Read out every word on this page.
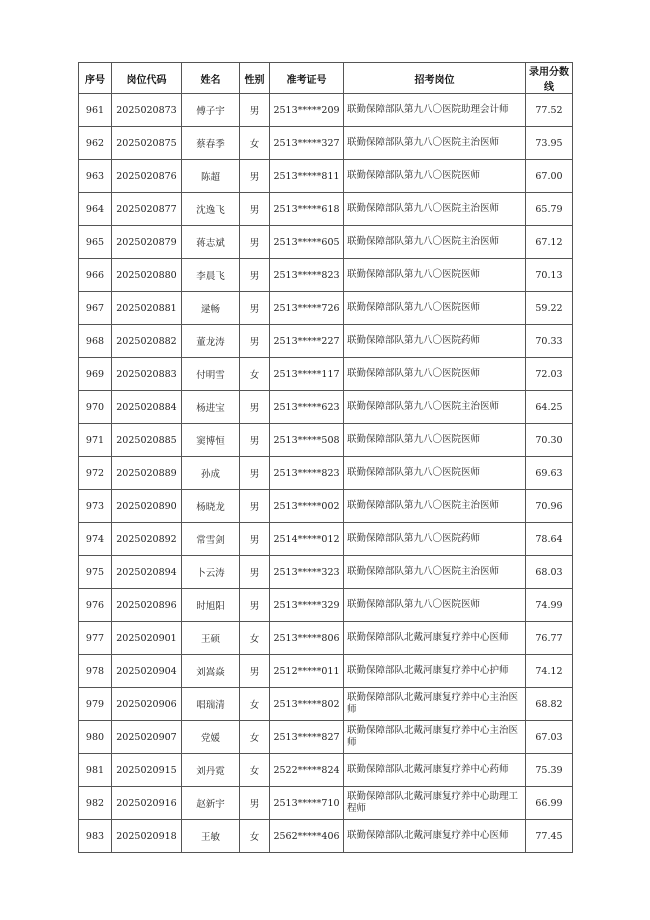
序号	岗位代码	姓名	性别	准考证号	招考岗位	录用分数线
961	2025020873	傅子宇	男	2513*****209	联勤保障部队第九八〇医院助理会计师	77.52
962	2025020875	蔡春季	女	2513*****327	联勤保障部队第九八〇医院主治医师	73.95
963	2025020876	陈超	男	2513*****811	联勤保障部队第九八〇医院医师	67.00
964	2025020877	沈逸飞	男	2513*****618	联勤保障部队第九八〇医院主治医师	65.79
965	2025020879	蒋志斌	男	2513*****605	联勤保障部队第九八〇医院主治医师	67.12
966	2025020880	李晨飞	男	2513*****823	联勤保障部队第九八〇医院医师	70.13
967	2025020881	逯畅	男	2513*****726	联勤保障部队第九八〇医院医师	59.22
968	2025020882	董龙涛	男	2513*****227	联勤保障部队第九八〇医院药师	70.33
969	2025020883	付明雪	女	2513*****117	联勤保障部队第九八〇医院医师	72.03
970	2025020884	杨进宝	男	2513*****623	联勤保障部队第九八〇医院主治医师	64.25
971	2025020885	窦博恒	男	2513*****508	联勤保障部队第九八〇医院医师	70.30
972	2025020889	孙成	男	2513*****823	联勤保障部队第九八〇医院医师	69.63
973	2025020890	杨晓龙	男	2513*****002	联勤保障部队第九八〇医院主治医师	70.96
974	2025020892	常雪剑	男	2514*****012	联勤保障部队第九八〇医院药师	78.64
975	2025020894	卜云涛	男	2513*****323	联勤保障部队第九八〇医院主治医师	68.03
976	2025020896	时旭阳	男	2513*****329	联勤保障部队第九八〇医院医师	74.99
977	2025020901	王硕	女	2513*****806	联勤保障部队北戴河康复疗养中心医师	76.77
978	2025020904	刘嵩焱	男	2512*****011	联勤保障部队北戴河康复疗养中心护师	74.12
979	2025020906	唱瑞清	女	2513*****802	联勤保障部队北戴河康复疗养中心主治医师	68.82
980	2025020907	党媛	女	2513*****827	联勤保障部队北戴河康复疗养中心主治医师	67.03
981	2025020915	刘丹霓	女	2522*****824	联勤保障部队北戴河康复疗养中心药师	75.39
982	2025020916	赵新宇	男	2513*****710	联勤保障部队北戴河康复疗养中心助理工程师	66.99
983	2025020918	王敏	女	2562*****406	联勤保障部队北戴河康复疗养中心医师	77.45
